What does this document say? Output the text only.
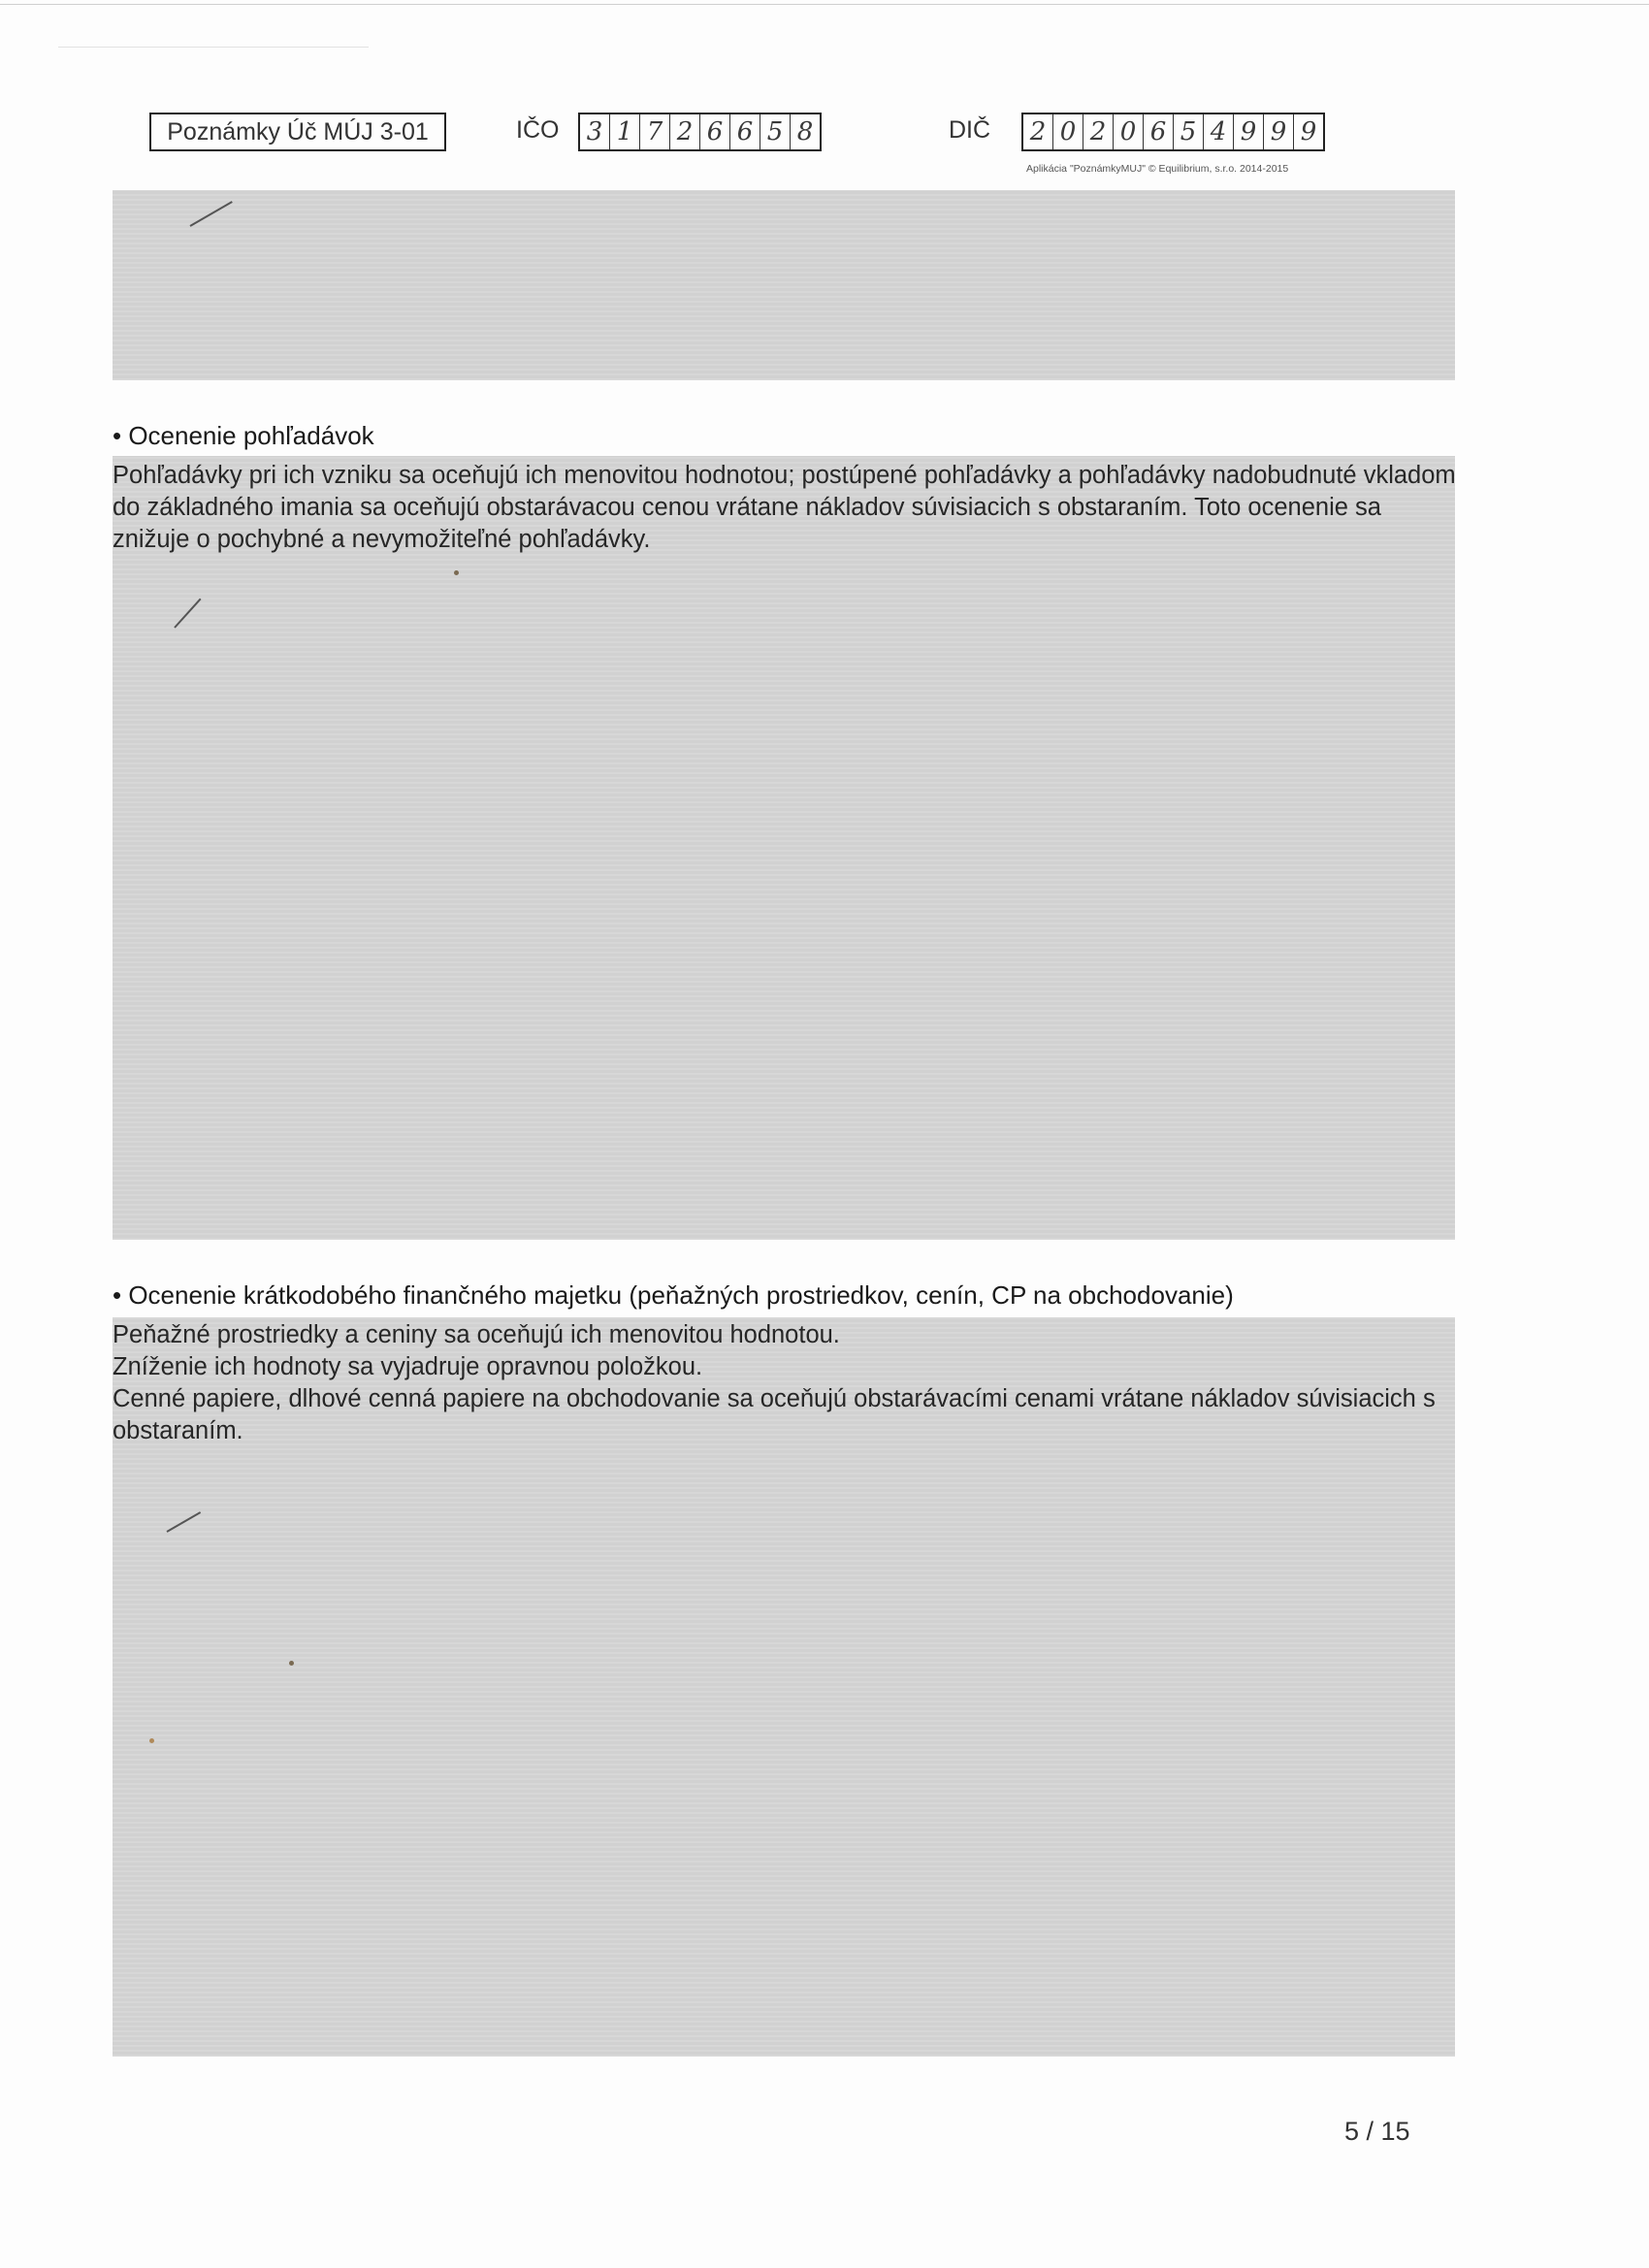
Poznámky Úč MÚJ 3-01	IČO 3 1 7 2 6 6 5 8	DIČ 2 0 2 0 6 5 4 9 9 9
Aplikácia "PoznámkyMUJ" © Equilibrium, s.r.o. 2014-2015
• Ocenenie pohľadávok

Pohľadávky pri ich vzniku sa oceňujú ich menovitou hodnotou; postúpené pohľadávky a pohľadávky nadobudnuté vkladom do základného imania sa oceňujú obstarávacou cenou vrátane nákladov súvisiacich s obstaraním. Toto ocenenie sa znižuje o pochybné a nevymožiteľné pohľadávky.

• Ocenenie krátkodobého finančného majetku (peňažných prostriedkov, cenín, CP na obchodovanie)

Peňažné prostriedky a ceniny sa oceňujú ich menovitou hodnotou.

Zníženie ich hodnoty sa vyjadruje opravnou položkou.

Cenné papiere, dlhové cenná papiere na obchodovanie sa oceňujú obstarávacími cenami vrátane nákladov súvisiacich s obstaraním.

5 / 15
